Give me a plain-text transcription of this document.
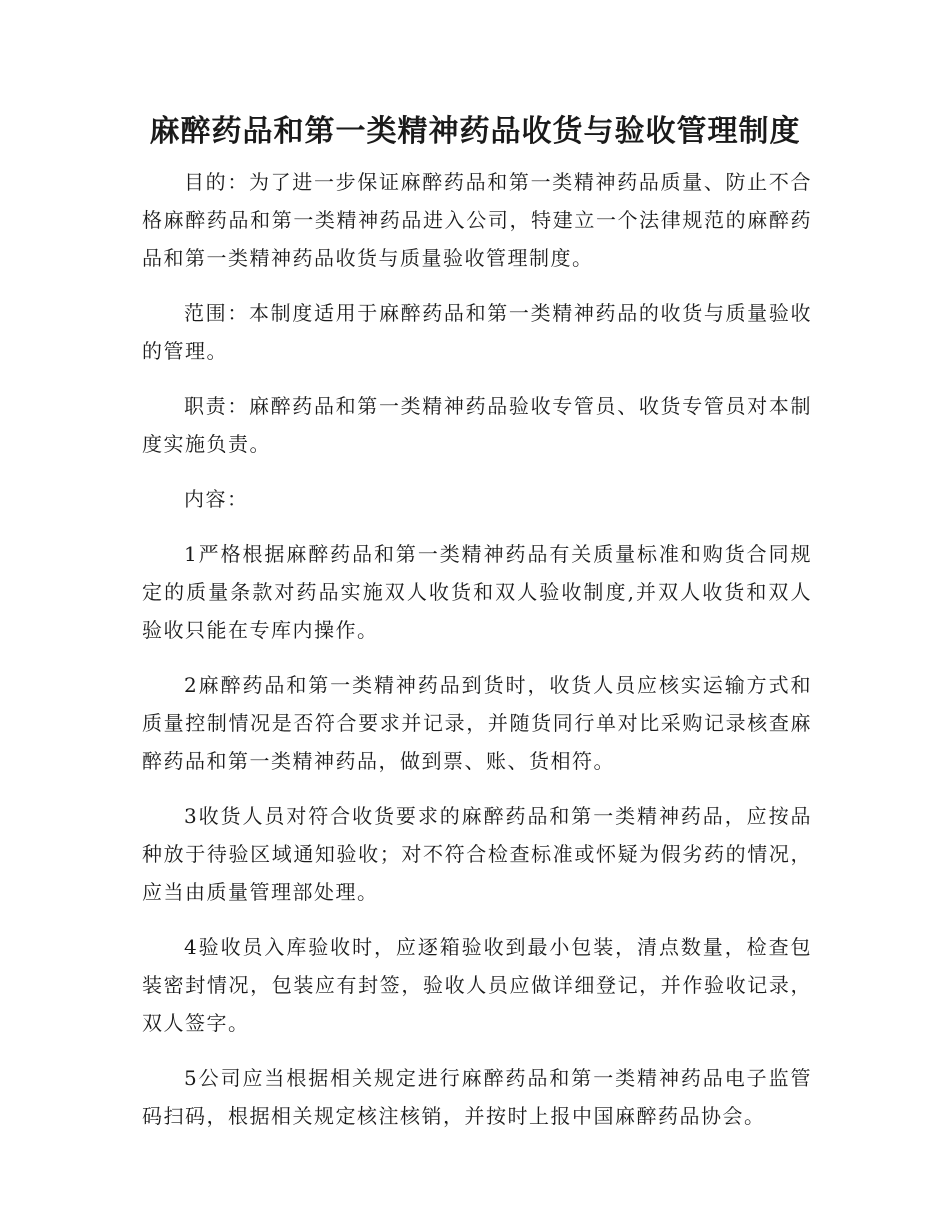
麻醉药品和第一类精神药品收货与验收管理制度

目的：为了进一步保证麻醉药品和第一类精神药品质量、防止不合格麻醉药品和第一类精神药品进入公司，特建立一个法律规范的麻醉药品和第一类精神药品收货与质量验收管理制度。

范围：本制度适用于麻醉药品和第一类精神药品的收货与质量验收的管理。

职责：麻醉药品和第一类精神药品验收专管员、收货专管员对本制度实施负责。

内容：

1严格根据麻醉药品和第一类精神药品有关质量标准和购货合同规定的质量条款对药品实施双人收货和双人验收制度,并双人收货和双人验收只能在专库内操作。

2麻醉药品和第一类精神药品到货时，收货人员应核实运输方式和质量控制情况是否符合要求并记录，并随货同行单对比采购记录核查麻醉药品和第一类精神药品，做到票、账、货相符。

3收货人员对符合收货要求的麻醉药品和第一类精神药品，应按品种放于待验区域通知验收；对不符合检查标准或怀疑为假劣药的情况，应当由质量管理部处理。

4验收员入库验收时，应逐箱验收到最小包装，清点数量，检查包装密封情况，包装应有封签，验收人员应做详细登记，并作验收记录，双人签字。

5公司应当根据相关规定进行麻醉药品和第一类精神药品电子监管码扫码，根据相关规定核注核销，并按时上报中国麻醉药品协会。
